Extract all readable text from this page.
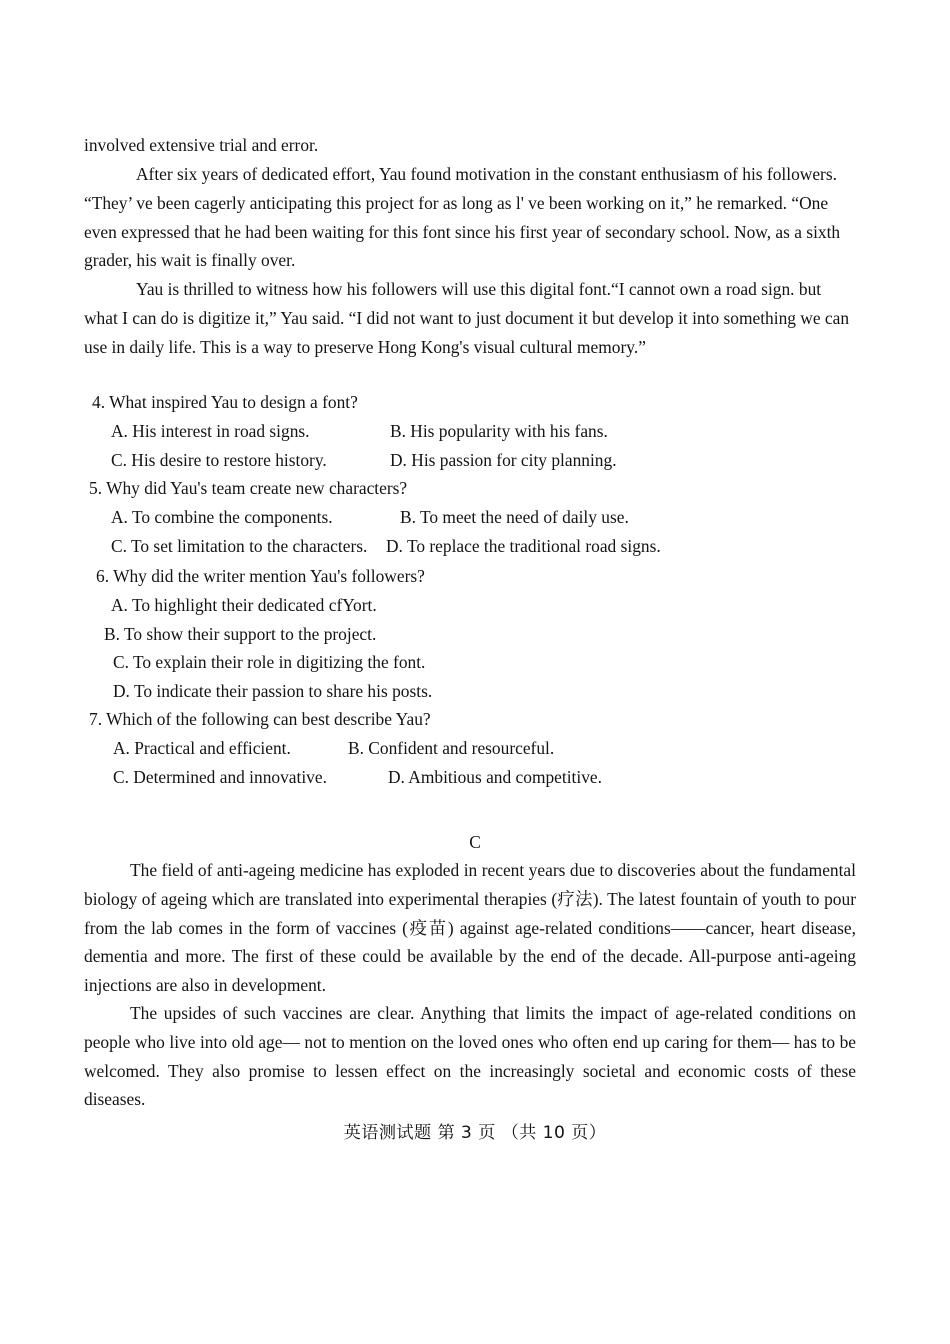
involved extensive trial and error.

After six years of dedicated effort, Yau found motivation in the constant enthusiasm of his followers. “They’ ve been cagerly anticipating this project for as long as l' ve been working on it,” he remarked. “One even expressed that he had been waiting for this font since his first year of secondary school. Now, as a sixth grader, his wait is finally over.

Yau is thrilled to witness how his followers will use this digital font.“I cannot own a road sign. but what I can do is digitize it,” Yau said. “I did not want to just document it but develop it into something we can use in daily life. This is a way to preserve Hong Kong's visual cultural memory.”

4. What inspired Yau to design a font?

A. His interest in road signs.	B. His popularity with his fans.

C. His desire to restore history.	D. His passion for city planning.

5. Why did Yau's team create new characters?

A. To combine the components.	B. To meet the need of daily use.

C. To set limitation to the characters. D. To replace the traditional road signs.

6. Why did the writer mention Yau's followers?

A. To highlight their dedicated cfYort.

B. To show their support to the project.

C. To explain their role in digitizing the font.

D. To indicate their passion to share his posts.

7. Which of the following can best describe Yau?

A. Practical and efficient.	B. Confident and resourceful.

C. Determined and innovative.	D. Ambitious and competitive.

C

The field of anti-ageing medicine has exploded in recent years due to discoveries about the fundamental biology of ageing which are translated into experimental therapies (疗法). The latest fountain of youth to pour from the lab comes in the form of vaccines (疫苗) against age-related conditions——cancer, heart disease, dementia and more. The first of these could be available by the end of the decade. All-purpose anti-ageing injections are also in development.

The upsides of such vaccines are clear. Anything that limits the impact of age-related conditions on people who live into old age— not to mention on the loved ones who often end up caring for them— has to be welcomed. They also promise to lessen effect on the increasingly societal and economic costs of these diseases.

英语测试题 第 3 页 （共 10 页）
